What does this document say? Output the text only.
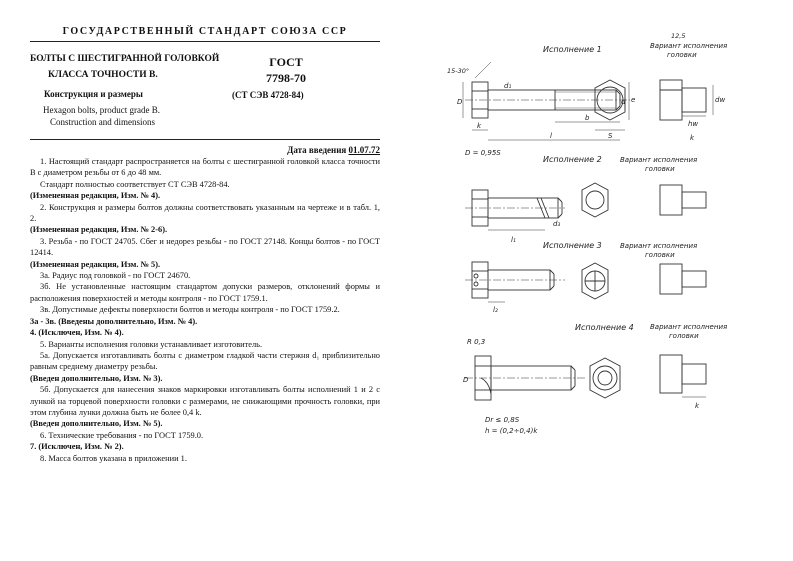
ГОСУДАРСТВЕННЫЙ СТАНДАРТ СОЮЗА ССР
БОЛТЫ С ШЕСТИГРАННОЙ ГОЛОВКОЙ
КЛАССА ТОЧНОСТИ В.
Конструкция и размеры
ГОСТ
7798-70
(СТ СЭВ 4728-84)
Hexagon bolts, product grade B.
Construction and dimensions
Дата введения 01.07.72

1. Настоящий стандарт распространяется на болты с шестигранной головкой класса точности В с диаметром резьбы от 6 до 48 мм.

Стандарт полностью соответствует СТ СЭВ 4728-84.

(Измененная редакция, Изм. № 4).

2. Конструкция и размеры болтов должны соответствовать указанным на чертеже и в табл. 1, 2.

(Измененная редакция, Изм. № 2-6).

3. Резьба - по ГОСТ 24705. Сбег и недорез резьбы - по ГОСТ 27148. Концы болтов - по ГОСТ 12414.

(Измененная редакция, Изм. № 5).

3а. Радиус под головкой - по ГОСТ 24670.

3б. Не установленные настоящим стандартом допуски размеров, отклонений формы и расположения поверхностей и методы контроля - по ГОСТ 1759.1.

3в. Допустимые дефекты поверхности болтов и методы контроля - по ГОСТ 1759.2.

3а - 3в. (Введены дополнительно, Изм. № 4).

4. (Исключен, Изм. № 4).

5. Варианты исполнения головки устанавливает изготовитель.

5а. Допускается изготавливать болты с диаметром гладкой части стержня d₁ приблизительно равным среднему диаметру резьбы.

(Введен дополнительно, Изм. № 3).

5б. Допускается для нанесения знаков маркировки изготавливать болты исполнений 1 и 2 с лункой на торцевой поверхности головки с размерами, не снижающими прочность головки, при этом глубина лунки должна быть не более 0,4 k.

(Введен дополнительно, Изм. № 5).

6. Технические требования - по ГОСТ 1759.0.

7. (Исключен, Изм. № 2).

8. Масса болтов указана в приложении 1.

Исполнение 1	Вариант исполнения
головки
12,5
15-30°
D
d₁
d
k
l
b
S
e	dw
hw
k
D = 0,95S
Исполнение 2	Вариант исполнения
головки
d₃
l₁
Исполнение 3	Вариант исполнения
головки
l₂
Исполнение 4 Вариант исполнения
головки
R 0,3
D
k
Dr ≤ 0,8S
h = (0,2÷0,4)k
